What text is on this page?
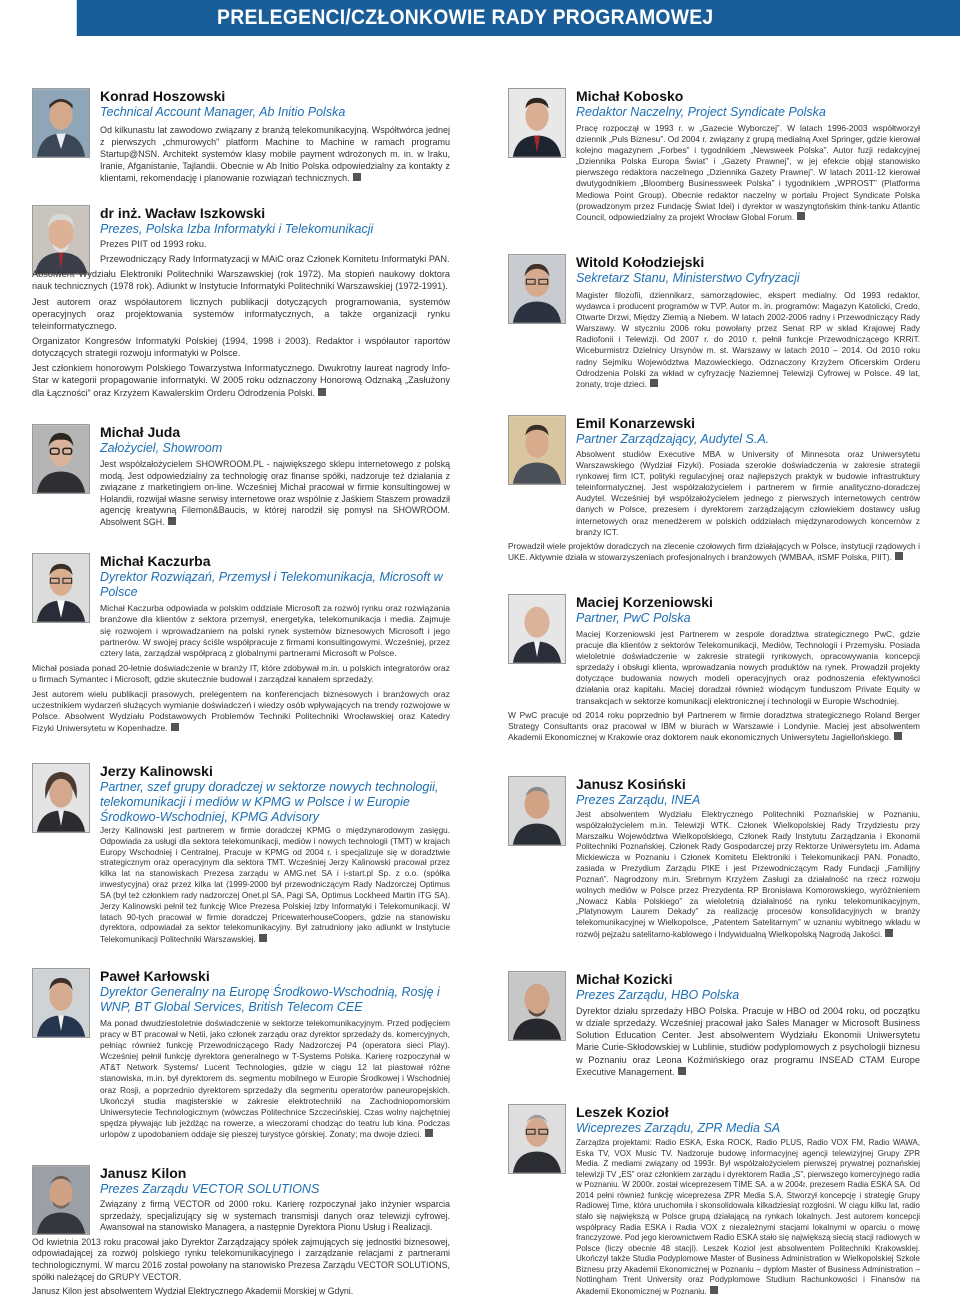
PRELEGENCI/CZŁONKOWIE RADY PROGRAMOWEJ

Konrad Hoszowski

Technical Account Manager, Ab Initio Polska

Od kilkunastu lat zawodowo związany z branżą telekomunikacyjną. Współtwórca jednej z pierwszych „chmurowych” platform Machine to Machine w ramach programu Startup@NSN. Architekt systemów klasy mobile payment wdrożonych m. in. w Iraku, Iranie, Afganistanie, Tajlandii. Obecnie w Ab Initio Polska odpowiedzialny za kontakty z klientami, rekomendację i planowanie rozwiązań technicznych.

dr inż. Wacław Iszkowski

Prezes, Polska Izba Informatyki i Telekomunikacji

Prezes PIIT od 1993 roku.

Przewodniczący Rady Informatyzacji w MAiC oraz Członek Komitetu Informatyki PAN.

Absolwent Wydziału Elektroniki Politechniki Warszawskiej (rok 1972). Ma stopień naukowy doktora nauk technicznych (1978 rok). Adiunkt w Instytucie Informatyki Politechniki Warszawskiej (1972-1991).

Jest autorem oraz współautorem licznych publikacji dotyczących programowania, systemów operacyjnych oraz projektowania systemów informatycznych, a także organizacji rynku teleinformatycznego.

Organizator Kongresów Informatyki Polskiej (1994, 1998 i 2003). Redaktor i współautor raportów dotyczących strategii rozwoju informatyki w Polsce.

Jest członkiem honorowym Polskiego Towarzystwa Informatycznego. Dwukrotny laureat nagrody Info-Star w kategorii propagowanie informatyki. W 2005 roku odznaczony Honorową Odznaką „Zasłużony dla Łączności” oraz Krzyżem Kawalerskim Orderu Odrodzenia Polski.

Michał Juda

Założyciel, Showroom

Jest współzałożycielem SHOWROOM.PL - największego sklepu internetowego z polską modą. Jest odpowiedzialny za technologię oraz finanse spółki, nadzoruje też działania z związane z marketingiem on-line. Wcześniej Michał pracował w firmie konsultingowej w Holandii, rozwijał własne serwisy internetowe oraz wspólnie z Jaśkiem Staszem prowadził agencję kreatywną Filemon&Baucis, w której narodził się pomysł na SHOWROOM. Absolwent SGH.

Michał Kaczurba

Dyrektor Rozwiązań, Przemysł i Telekomunikacja, Microsoft w Polsce

Michał Kaczurba odpowiada w polskim oddziale Microsoft za rozwój rynku oraz rozwiązania branżowe dla klientów z sektora przemysł, energetyka, telekomunikacja i media. Zajmuje się rozwojem i wprowadzaniem na polski rynek systemów biznesowych Microsoft i jego partnerów. W swojej pracy ściśle współpracuje z firmami konsultingowymi. Wcześniej, przez cztery lata, zarządzał współpracą z globalnymi partnerami Microsoft w Polsce.

Michał posiada ponad 20-letnie doświadczenie w branży IT, które zdobywał m.in. u polskich integratorów oraz u firmach Symantec i Microsoft, gdzie skutecznie budował i zarządzał kanałem sprzedaży.

Jest autorem wielu publikacji prasowych, prelegentem na konferencjach biznesowych i branżowych oraz uczestnikiem wydarzeń służących wymianie doświadczeń i wiedzy osób wpływających na trendy rozwojowe w Polsce. Absolwent Wydziału Podstawowych Problemów Techniki Politechniki Wrocławskiej oraz Katedry Fizyki Uniwersytetu w Kopenhadze.

Jerzy Kalinowski

Partner, szef grupy doradczej w sektorze nowych technologii, telekomunikacji i mediów w KPMG w Polsce i w Europie Środkowo-Wschodniej, KPMG Advisory

Jerzy Kalinowski jest partnerem w firmie doradczej KPMG o międzynarodowym zasięgu. Odpowiada za usługi dla sektora telekomunikacji, mediów i nowych technologii (TMT) w krajach Europy Wschodniej i Centralnej. Pracuje w KPMG od 2004 r. i specjalizuje się w doradztwie strategicznym oraz operacyjnym dla sektora TMT. Wcześniej Jerzy Kalinowski pracował przez kilka lat na stanowiskach Prezesa zarządu w AMG.net SA i i-start.pl Sp. z o.o. (spółka inwestycyjna) oraz przez kilka lat (1999-2000 był przewodniczącym Rady Nadzorczej Optimus SA (był też członkiem rady nadzorczej Onet.pl SA, Pagi SA, Optimus Lockheed Martin ITG SA). Jerzy Kalinowski pełnił też funkcję Wice Prezesa Polskiej Izby Informatyki i Telekomunikacji. W latach 90-tych pracował w firmie doradczej PricewaterhouseCoopers, gdzie na stanowisku dyrektora, odpowiadał za sektor telekomunikacyjny. Był zatrudniony jako adiunkt w Instytucie Telekomunikacji Politechniki Warszawskiej.

Paweł Karłowski

Dyrektor Generalny na Europę Środkowo-Wschodnią, Rosję i WNP, BT Global Services, British Telecom CEE

Ma ponad dwudziestoletnie doświadczenie w sektorze telekomunikacyjnym. Przed podjęciem pracy w BT pracował w Netii, jako członek zarządu oraz dyrektor sprzedaży ds. komercyjnych, pełniąc również funkcję Przewodniczącego Rady Nadzorczej P4 (operatora sieci Play). Wcześniej pełnił funkcję dyrektora generalnego w T-Systems Polska. Karierę rozpoczynał w AT&T Network Systems/ Lucent Technologies, gdzie w ciągu 12 lat piastował różne stanowiska, m.in. był dyrektorem ds. segmentu mobilnego w Europie Środkowej i Wschodniej oraz Rosji, a poprzednio dyrektorem sprzedaży dla segmentu operatorów paneuropejskich. Ukończył studia magisterskie w zakresie elektrotechniki na Zachodniopomorskim Uniwersytecie Technologicznym (wówczas Politechnice Szczecińskiej. Czas wolny najchętniej spędza pływając lub jeżdżąc na rowerze, a wieczorami chodząc do teatru lub kina. Podczas urlopów z upodobaniem oddaje się pieszej turystyce górskiej. Żonaty; ma dwoje dzieci.

Janusz Kilon

Prezes Zarządu VECTOR SOLUTIONS

Związany z firmą VECTOR od 2000 roku. Karierę rozpoczynał jako inżynier wsparcia sprzedaży, specjalizujący się w systemach transmisji danych oraz telewizji cyfrowej. Awansował na stanowisko Managera, a następnie Dyrektora Pionu Usług i Realizacji.

Od kwietnia 2013 roku pracował jako Dyrektor Zarządzający spółek zajmujących się jednostki biznesowej, odpowiadającej za rozwój polskiego rynku telekomunikacyjnego i zarządzanie relacjami z partnerami technologicznymi. W marcu 2016 został powołany na stanowisko Prezesa Zarządu VECTOR SOLUTIONS, spółki należącej do GRUPY VECTOR.

Janusz Kilon jest absolwentem Wydział Elektrycznego Akademii Morskiej w Gdyni.

Michał Kobosko

Redaktor Naczelny, Project Syndicate Polska

Pracę rozpoczął w 1993 r. w „Gazecie Wyborczej”. W latach 1996-2003 współtworzył dziennik „Puls Biznesu”. Od 2004 r. związany z grupą medialną Axel Springer, gdzie kierował kolejno magazynem „Forbes” i tygodnikiem „Newsweek Polska”. Autor fuzji redakcyjnej „Dziennika Polska Europa Świat” i „Gazety Prawnej”, w jej efekcie objął stanowisko pierwszego redaktora naczelnego „Dziennika Gazety Prawnej”. W latach 2011-12 kierował dwutygodnikiem „Bloomberg Businessweek Polska” i tygodnikiem „WPROST” (Platforma Mediowa Point Group). Obecnie redaktor naczelny w portalu Project Syndicate Polska (prowadzonym przez Fundację Świat Idei) i dyrektor w waszyngtońskim think-tanku Atlantic Council, odpowiedzialny za projekt Wrocław Global Forum.

Witold Kołodziejski

Sekretarz Stanu, Ministerstwo Cyfryzacji

Magister filozofii, dziennikarz, samorządowiec, ekspert medialny. Od 1993 redaktor, wydawca i producent programów w TVP. Autor m. in. programów: Magazyn Katolicki, Credo, Otwarte Drzwi, Między Ziemią a Niebem. W latach 2002-2006 radny i Przewodniczący Rady Warszawy. W styczniu 2006 roku powołany przez Senat RP w skład Krajowej Rady Radiofonii i Telewizji. Od 2007 r. do 2010 r. pełnił funkcje Przewodniczącego KRRiT. Wiceburmistrz Dzielnicy Ursynów m. st. Warszawy w latach 2010 – 2014. Od 2010 roku radny Sejmiku Województwa Mazowieckiego. Odznaczony Krzyżem Oficerskim Orderu Odrodzenia Polski za wkład w cyfryzację Naziemnej Telewizji Cyfrowej w Polsce. 49 lat, żonaty, troje dzieci.

Emil Konarzewski

Partner Zarządzający, Audytel S.A.

Absolwent studiów Executive MBA w University of Minnesota oraz Uniwersytetu Warszawskiego (Wydział Fizyki). Posiada szerokie doświadczenia w zakresie strategii rynkowej firm ICT, polityki regulacyjnej oraz najlepszych praktyk w budowie infrastruktury teleinformatycznej. Jest współzałożycielem i partnerem w firmie analityczno-doradczej Audytel. Wcześniej był współzałożycielem jednego z pierwszych internetowych centrów danych w Polsce, prezesem i dyrektorem zarządzającym człowiekiem dostawcy usług internetowych oraz menedżerem w polskich oddziałach międzynarodowych koncernów z branży ICT.

Prowadził wiele projektów doradczych na zlecenie czołowych firm działających w Polsce, instytucji rządowych i UKE. Aktywnie działa w stowarzyszeniach profesjonalnych i branżowych (WMBAA, itSMF Polska, PIIT).

Maciej Korzeniowski

Partner, PwC Polska

Maciej Korzeniowski jest Partnerem w zespole doradztwa strategicznego PwC, gdzie pracuje dla klientów z sektorów Telekomunikacji, Mediów, Technologii i Przemysłu. Posiada wieloletnie doświadczenie w zakresie strategii rynkowych, opracowywania koncepcji sprzedaży i obsługi klienta, wprowadzania nowych produktów na rynek. Prowadził projekty dotyczące budowania nowych modeli operacyjnych oraz podnoszenia efektywności działania oraz kapitału. Maciej doradzał również wiodącym funduszom Private Equity w transakcjach w sektorze komunikacji elektronicznej i technologii w Europie Wschodniej.

W PwC pracuje od 2014 roku poprzednio był Partnerem w firmie doradztwa strategicznego Roland Berger Strategy Consultants oraz pracował w IBM w biurach w Warszawie i Londynie. Maciej jest absolwentem Akademii Ekonomicznej w Krakowie oraz doktorem nauk ekonomicznych Uniwersytetu Jagiellońskiego.

Janusz Kosiński

Prezes Zarządu, INEA

Jest absolwentem Wydziału Elektrycznego Politechniki Poznańskiej w Poznaniu, współzałożycielem m.in. Telewizji WTK. Członek Wielkopolskiej Rady Trzydziestu przy Marszałku Województwa Wielkopolskiego, Członek Rady Instytutu Zarządzania i Ekonomii Politechniki Poznańskiej. Członek Rady Gospodarczej przy Rektorze Uniwersytetu im. Adama Mickiewicza w Poznaniu i Członek Komitetu Elektroniki i Telekomunikacji PAN. Ponadto, zasiada w Prezydium Zarządu PIKE i jest Przewodniczącym Rady Fundacji „Familijny Poznań”. Nagrodzony m.in. Srebrnym Krzyżem Zasługi za działalność na rzecz rozwoju wolnych mediów w Polsce przez Prezydenta RP Bronisława Komorowskiego, wyróżnieniem „Nowacz Kabla Polskiego” za wieloletnią działalność na rynku telekomunikacyjnym, „Platynowym Laurem Dekady” za realizację procesów konsolidacyjnych w branży telekomunikacyjnej w Wielkopolsce, „Patentem Satelitarnym” w uznaniu wybitnego wkładu w rozwój pejzażu satelitarno-kablowego i Indywidualną Wielkopolską Nagrodą Jakości.

Michał Kozicki

Prezes Zarządu, HBO Polska

Dyrektor działu sprzedaży HBO Polska. Pracuje w HBO od 2004 roku, od początku w dziale sprzedaży. Wcześniej pracował jako Sales Manager w Microsoft Business Solution Education Center. Jest absolwentem Wydziału Ekonomii Uniwersytetu Marie Curie-Skłodowskiej w Lublinie, studiów podyplomowych z psychologii biznesu w Poznaniu oraz Leona Koźmińskiego oraz programu INSEAD CTAM Europe Executive Management.

Leszek Kozioł

Wiceprezes Zarządu, ZPR Media SA

Zarządza projektami: Radio ESKA, Eska ROCK, Radio PLUS, Radio VOX FM, Radio WAWA, Eska TV, VOX Music TV. Nadzoruje budowę informacyjnej agencji telewizyjnej Grupy ZPR Media. Z mediami związany od 1993r. Był współzałożycielem pierwszej prywatnej poznańskiej telewizji TV „ES” oraz członkiem zarządu i dyrektorem Radia „S”, pierwszego komercyjnego radia w Poznaniu. W 2000r. został wiceprezesem TIME SA. a w 2004r. prezesem Radia ESKA SA. Od 2014 pełni również funkcję wiceprezesa ZPR Media S.A. Stworzył koncepcję i strategię Grupy Radiowej Time, która uruchomiła i skonsolidowała kilkadziesiąt rozgłośni. W ciągu kilku lat, radio stało się największą w Polsce grupą działającą na rynkach lokalnych. Jest autorem koncepcji współpracy Radia ESKA i Radia VOX z niezależnymi stacjami lokalnymi w oparciu o mowę franczyzowe. Pod jego kierownictwem Radio ESKA stało się największą siecią stacji radiowych w Polsce (liczy obecnie 48 stacji). Leszek Kozioł jest absolwentem Politechniki Krakowskiej. Ukończył także Studia Podyplomowe Master of Business Administration w Wielkopolskiej Szkole Biznesu przy Akademii Ekonomicznej w Poznaniu – dyplom Master of Business Administration – Nottingham Trent University oraz Podyplomowe Studium Rachunkowości i Finansów na Akademii Ekonomicznej w Poznaniu.
